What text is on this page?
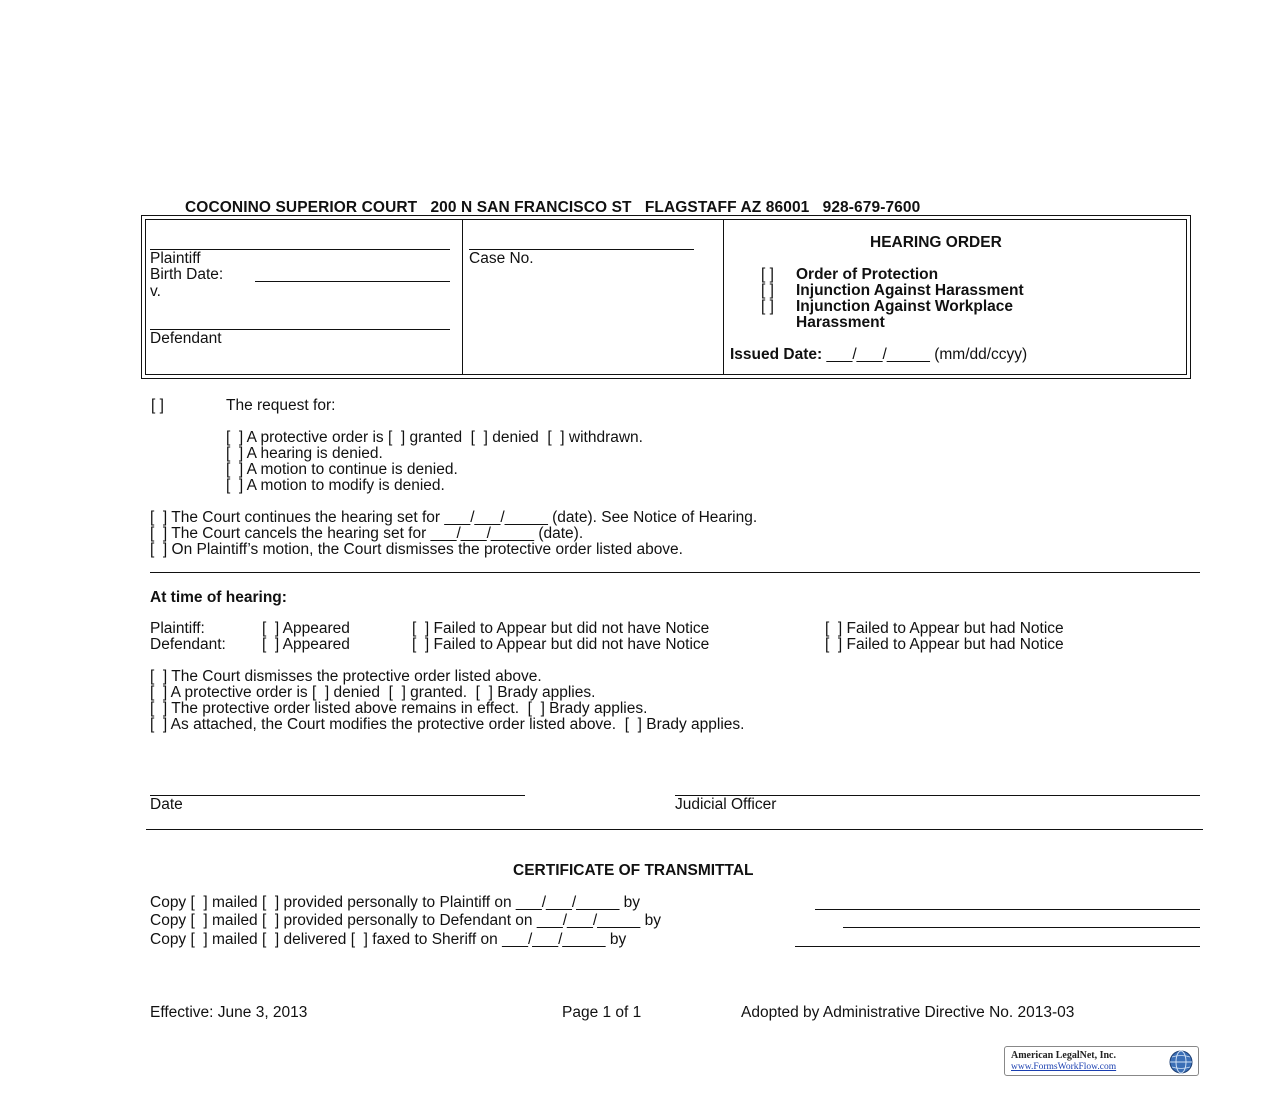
COCONINO SUPERIOR COURT   200 N SAN FRANCISCO ST   FLAGSTAFF AZ 86001   928-679-7600
Plaintiff
Birth Date:
v.
Defendant
Case No.
HEARING ORDER
[ ] Order of Protection
[ ] Injunction Against Harassment
[ ] Injunction Against Workplace
Harassment
Issued Date: ___/___/_____ (mm/dd/ccyy)
[ ]	The request for:
[  ] A protective order is [  ] granted  [  ] denied  [  ] withdrawn.
[  ] A hearing is denied.
[  ] A motion to continue is denied.
[  ] A motion to modify is denied.
[  ] The Court continues the hearing set for ___/___/_____ (date). See Notice of Hearing.
[  ] The Court cancels the hearing set for ___/___/_____ (date).
[  ] On Plaintiff’s motion, the Court dismisses the protective order listed above.
At time of hearing:
Plaintiff:	[  ] Appeared	[  ] Failed to Appear but did not have Notice	[  ] Failed to Appear but had Notice
Defendant: [  ] Appeared	[  ] Failed to Appear but did not have Notice	[  ] Failed to Appear but had Notice
[  ] The Court dismisses the protective order listed above.
[  ] A protective order is [  ] denied  [  ] granted.  [  ] Brady applies.
[  ] The protective order listed above remains in effect.  [  ] Brady applies.
[  ] As attached, the Court modifies the protective order listed above.  [  ] Brady applies.
Date	Judicial Officer
CERTIFICATE OF TRANSMITTAL
Copy [  ] mailed [  ] provided personally to Plaintiff on ___/___/_____ by
Copy [  ] mailed [  ] provided personally to Defendant on ___/___/_____ by
Copy [  ] mailed [  ] delivered [  ] faxed to Sheriff on ___/___/_____ by
Effective: June 3, 2013	Page 1 of 1	Adopted by Administrative Directive No. 2013-03
American LegalNet, Inc.
www.FormsWorkFlow.com
